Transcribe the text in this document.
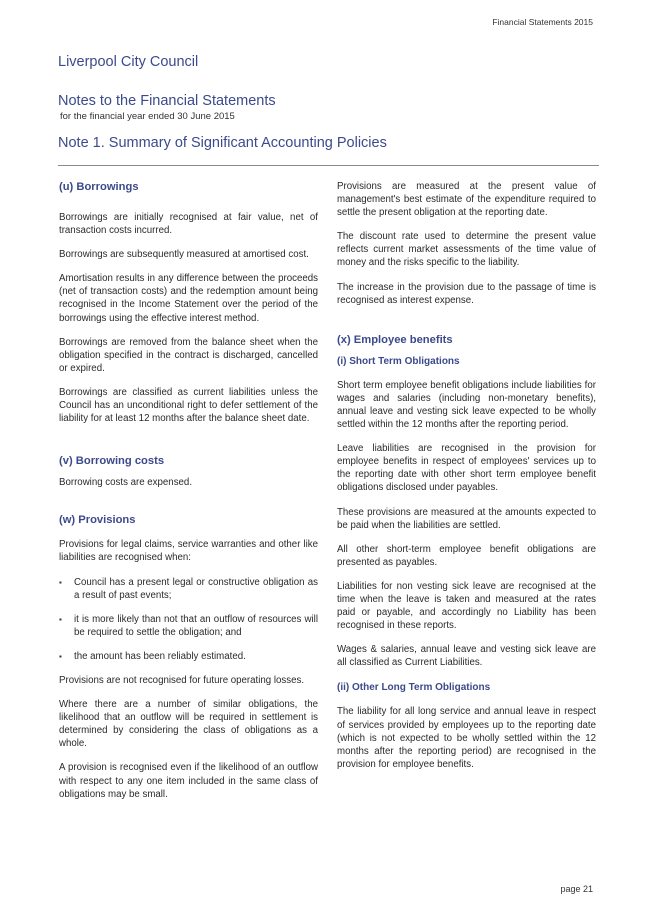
Financial Statements 2015
Liverpool City Council
Notes to the Financial Statements
for the financial year ended 30 June 2015
Note 1. Summary of Significant Accounting Policies
(u) Borrowings

Borrowings are initially recognised at fair value, net of transaction costs incurred.

Borrowings are subsequently measured at amortised cost.

Amortisation results in any difference between the proceeds (net of transaction costs) and the redemption amount being recognised in the Income Statement over the period of the borrowings using the effective interest method.

Borrowings are removed from the balance sheet when the obligation specified in the contract is discharged, cancelled or expired.

Borrowings are classified as current liabilities unless the Council has an unconditional right to defer settlement of the liability for at least 12 months after the balance sheet date.

(v) Borrowing costs

Borrowing costs are expensed.

(w) Provisions

Provisions for legal claims, service warranties and other like liabilities are recognised when:

▪ Council has a present legal or constructive obligation as a result of past events;

▪ it is more likely than not that an outflow of resources will be required to settle the obligation; and

▪ the amount has been reliably estimated.

Provisions are not recognised for future operating losses.

Where there are a number of similar obligations, the likelihood that an outflow will be required in settlement is determined by considering the class of obligations as a whole.

A provision is recognised even if the likelihood of an outflow with respect to any one item included in the same class of obligations may be small.

Provisions are measured at the present value of management's best estimate of the expenditure required to settle the present obligation at the reporting date.

The discount rate used to determine the present value reflects current market assessments of the time value of money and the risks specific to the liability.

The increase in the provision due to the passage of time is recognised as interest expense.

(x) Employee benefits
(i) Short Term Obligations

Short term employee benefit obligations include liabilities for wages and salaries (including non-monetary benefits), annual leave and vesting sick leave expected to be wholly settled within the 12 months after the reporting period.

Leave liabilities are recognised in the provision for employee benefits in respect of employees' services up to the reporting date with other short term employee benefit obligations disclosed under payables.

These provisions are measured at the amounts expected to be paid when the liabilities are settled.

All other short-term employee benefit obligations are presented as payables.

Liabilities for non vesting sick leave are recognised at the time when the leave is taken and measured at the rates paid or payable, and accordingly no Liability has been recognised in these reports.

Wages & salaries, annual leave and vesting sick leave are all classified as Current Liabilities.

(ii) Other Long Term Obligations

The liability for all long service and annual leave in respect of services provided by employees up to the reporting date (which is not expected to be wholly settled within the 12 months after the reporting period) are recognised in the provision for employee benefits.

page 21
